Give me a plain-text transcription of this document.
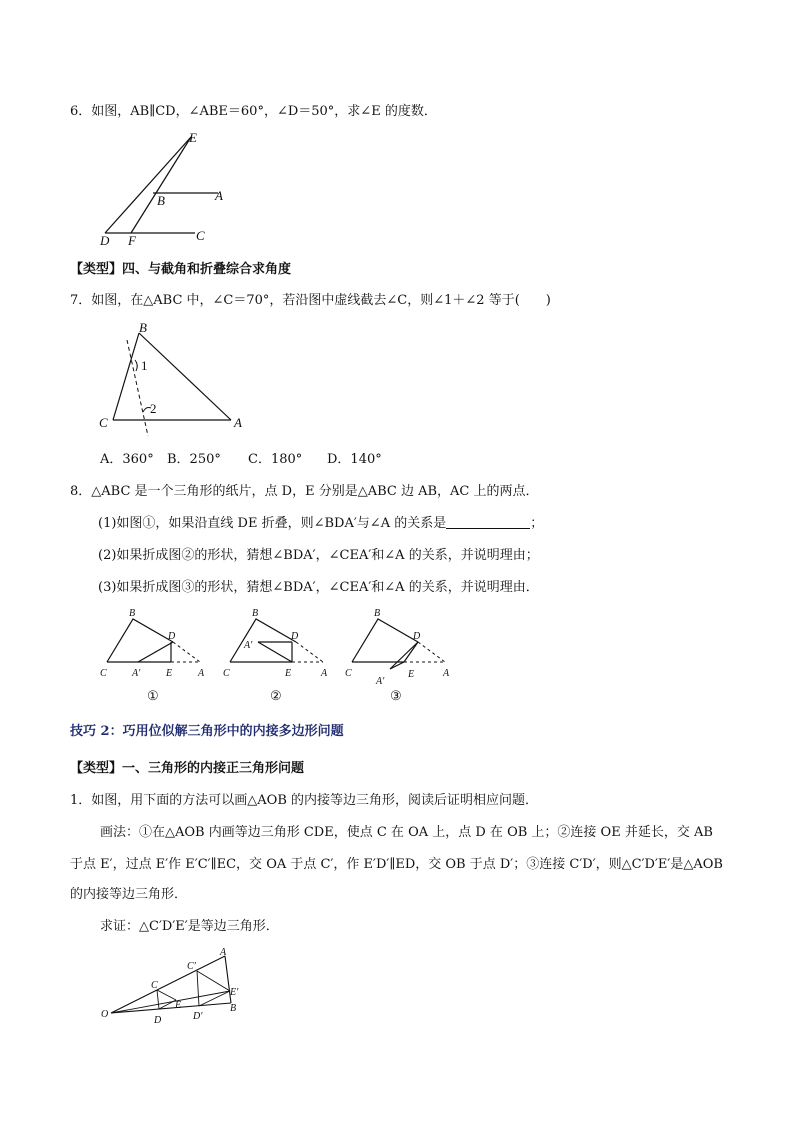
6．如图，AB∥CD，∠ABE＝60°，∠D＝50°，求∠E 的度数．
E
B	A
D F	C
【类型】四、与截角和折叠综合求角度
7．如图，在△ABC 中，∠C＝70°，若沿图中虚线截去∠C，则∠1＋∠2 等于(　　)
B
1
C
2
A
A．360° B．250° C．180° D．140°
8．△ABC 是一个三角形的纸片，点 D，E 分别是△ABC 边 AB，AC 上的两点．
(1)如图①，如果沿直线 DE 折叠，则∠BDA′与∠A 的关系是	；
(2)如果折成图②的形状，猜想∠BDA′，∠CEA′和∠A 的关系，并说明理由；
(3)如果折成图③的形状，猜想∠BDA′，∠CEA′和∠A 的关系，并说明理由．
B
D
C	A′	E	A
①
B
D
A′
C	E	A
②
B
D
C
A′
E	A
③
技巧 2：巧用位似解三角形中的内接多边形问题
【类型】一、三角形的内接正三角形问题
1．如图，用下面的方法可以画△AOB 的内接等边三角形，阅读后证明相应问题．
画法：①在△AOB 内画等边三角形 CDE，使点 C 在 OA 上，点 D 在 OB 上；②连接 OE 并延长，交 AB
于点 E′，过点 E′作 E′C′∥EC，交 OA 于点 C′，作 E′D′∥ED，交 OB 于点 D′；③连接 C′D′，则△C′D′E′是△AOB
的内接等边三角形．
求证：△C′D′E′是等边三角形．
A
C′
C
E′
O
E	B
D	D′
